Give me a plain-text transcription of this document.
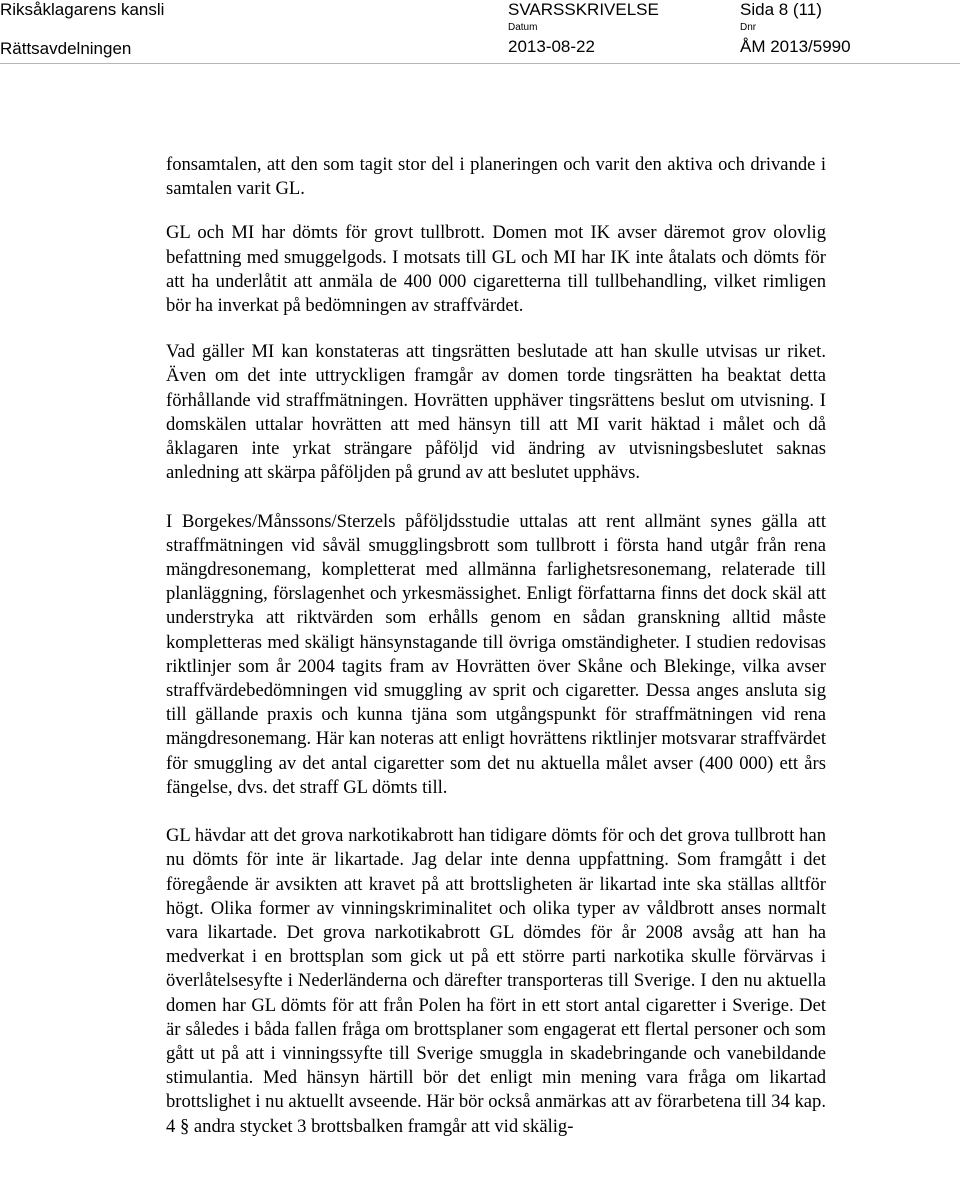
Riksåklagarens kansli
Rättsavdelningen
SVARSSKRIVELSE	Sida 8 (11)
Datum	Dnr
2013-08-22	ÅM 2013/5990

fonsamtalen, att den som tagit stor del i planeringen och varit den aktiva och drivande i samtalen varit GL.

GL och MI har dömts för grovt tullbrott. Domen mot IK avser däremot grov olovlig befattning med smuggelgods. I motsats till GL och MI har IK inte åtalats och dömts för att ha underlåtit att anmäla de 400 000 cigaretterna till tullbehandling, vilket rimligen bör ha inverkat på bedömningen av straffvärdet.

Vad gäller MI kan konstateras att tingsrätten beslutade att han skulle utvisas ur riket. Även om det inte uttryckligen framgår av domen torde tingsrätten ha beaktat detta förhållande vid straffmätningen. Hovrätten upphäver tingsrättens beslut om utvisning. I domskälen uttalar hovrätten att med hänsyn till att MI varit häktad i målet och då åklagaren inte yrkat strängare påföljd vid ändring av utvisningsbeslutet saknas anledning att skärpa påföljden på grund av att beslutet upphävs.

I Borgekes/Månssons/Sterzels påföljdsstudie uttalas att rent allmänt synes gälla att straffmätningen vid såväl smugglingsbrott som tullbrott i första hand utgår från rena mängdresonemang, kompletterat med allmänna farlighetsresonemang, relaterade till planläggning, förslagenhet och yrkesmässighet. Enligt författarna finns det dock skäl att understryka att riktvärden som erhålls genom en sådan granskning alltid måste kompletteras med skäligt hänsynstagande till övriga omständigheter. I studien redovisas riktlinjer som år 2004 tagits fram av Hovrätten över Skåne och Blekinge, vilka avser straffvärdebedömningen vid smuggling av sprit och cigaretter. Dessa anges ansluta sig till gällande praxis och kunna tjäna som utgångspunkt för straffmätningen vid rena mängdresonemang. Här kan noteras att enligt hovrättens riktlinjer motsvarar straffvärdet för smuggling av det antal cigaretter som det nu aktuella målet avser (400 000) ett års fängelse, dvs. det straff GL dömts till.

GL hävdar att det grova narkotikabrott han tidigare dömts för och det grova tullbrott han nu dömts för inte är likartade. Jag delar inte denna uppfattning. Som framgått i det föregående är avsikten att kravet på att brottsligheten är likartad inte ska ställas alltför högt. Olika former av vinningskriminalitet och olika typer av våldbrott anses normalt vara likartade. Det grova narkotikabrott GL dömdes för år 2008 avsåg att han ha medverkat i en brottsplan som gick ut på ett större parti narkotika skulle förvärvas i överlåtelsesyfte i Nederländerna och därefter transporteras till Sverige. I den nu aktuella domen har GL dömts för att från Polen ha fört in ett stort antal cigaretter i Sverige. Det är således i båda fallen fråga om brottsplaner som engagerat ett flertal personer och som gått ut på att i vinningssyfte till Sverige smuggla in skadebringande och vanebildande stimulantia. Med hänsyn härtill bör det enligt min mening vara fråga om likartad brottslighet i nu aktuellt avseende. Här bör också anmärkas att av förarbetena till 34 kap. 4 § andra stycket 3 brottsbalken framgår att vid skälig-
